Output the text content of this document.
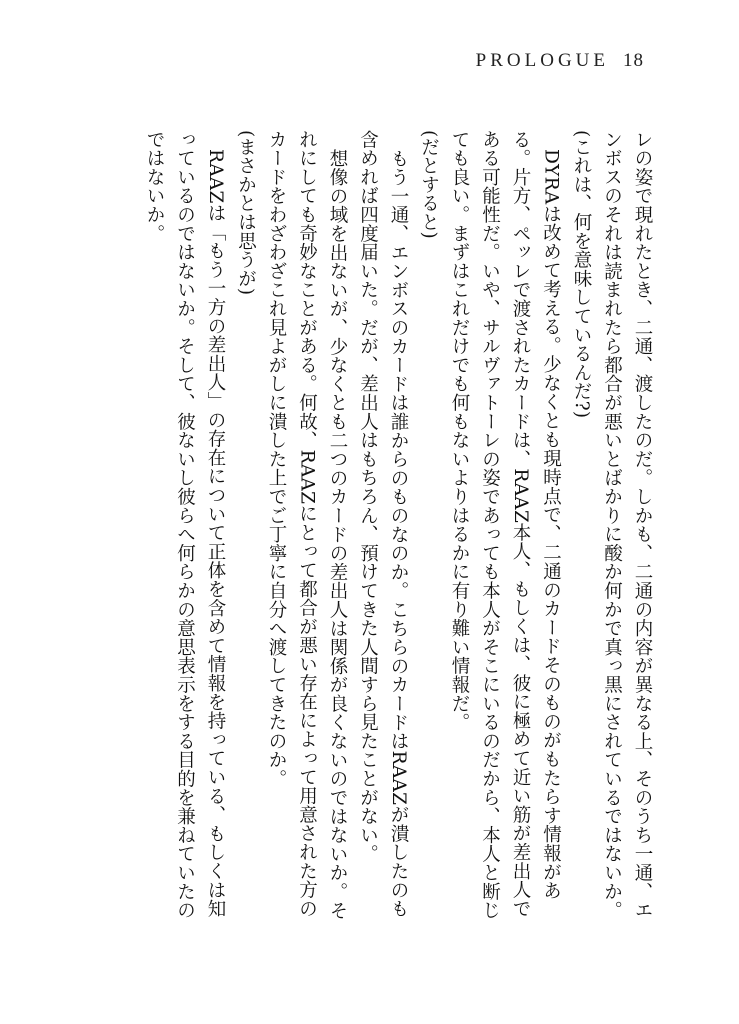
PROLOGUE 18

レの姿で現れたとき、二通、渡したのだ。しかも、二通の内容が異なる上、そのうち一通、エンボスのそれは読まれたら都合が悪いとばかりに酸か何かで真っ黒にされているではないか。

(これは、何を意味しているんだ?)

DYRAは改めて考える。少なくとも現時点で、二通のカードそのものがもたらす情報がある。片方、ペッレで渡されたカードは、RAAZ本人、もしくは、彼に極めて近い筋が差出人である可能性だ。いや、サルヴァトーレの姿であっても本人がそこにいるのだから、本人と断じても良い。まずはこれだけでも何もないよりはるかに有り難い情報だ。

(だとすると)

もう一通、エンボスのカードは誰からのものなのか。こちらのカードはRAAZが潰したのも含めれば四度届いた。だが、差出人はもちろん、預けてきた人間すら見たことがない。

想像の域を出ないが、少なくとも二つのカードの差出人は関係が良くないのではないか。それにしても奇妙なことがある。何故、RAAZにとって都合が悪い存在によって用意された方のカードをわざわざこれ見よがしに潰した上でご丁寧に自分へ渡してきたのか。

(まさかとは思うが)

RAAZは「もう一方の差出人」の存在について正体を含めて情報を持っている、もしくは知っているのではないか。そして、彼ないし彼らへ何らかの意思表示をする目的を兼ねていたのではないか。
